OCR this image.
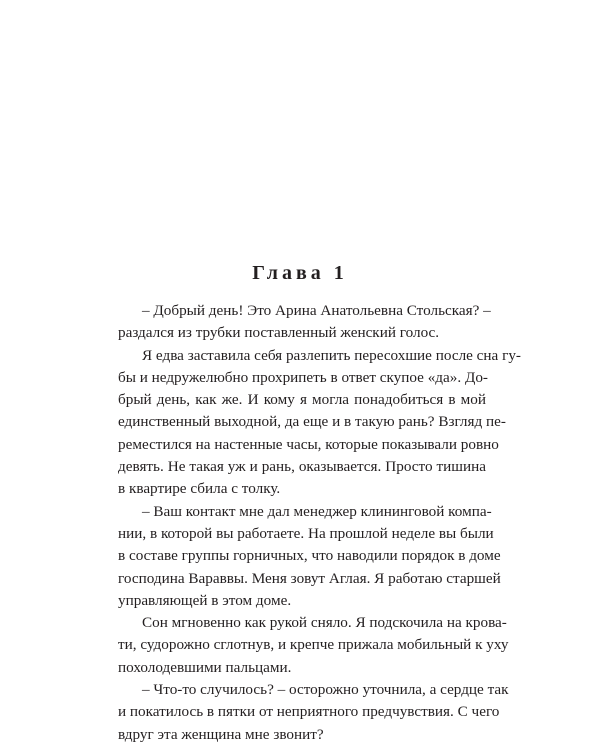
Глава 1

– Добрый день! Это Арина Анатольевна Стольская? –
раздался из трубки поставленный женский голос.

Я едва заставила себя разлепить пересохшие после сна гу-
бы и недружелюбно прохрипеть в ответ скупое «да». До-
брый день, как же. И кому я могла понадобиться в мой
единственный выходной, да еще и в такую рань? Взгляд пе-
реместился на настенные часы, которые показывали ровно
девять. Не такая уж и рань, оказывается. Просто тишина
в квартире сбила с толку.

– Ваш контакт мне дал менеджер клининговой компа-
нии, в которой вы работаете. На прошлой неделе вы были
в составе группы горничных, что наводили порядок в доме
господина Вараввы. Меня зовут Аглая. Я работаю старшей
управляющей в этом доме.

Сон мгновенно как рукой сняло. Я подскочила на крова-
ти, судорожно сглотнув, и крепче прижала мобильный к уху
похолодевшими пальцами.

– Что-то случилось? – осторожно уточнила, а сердце так
и покатилось в пятки от неприятного предчувствия. С чего
вдруг эта женщина мне звонит?
